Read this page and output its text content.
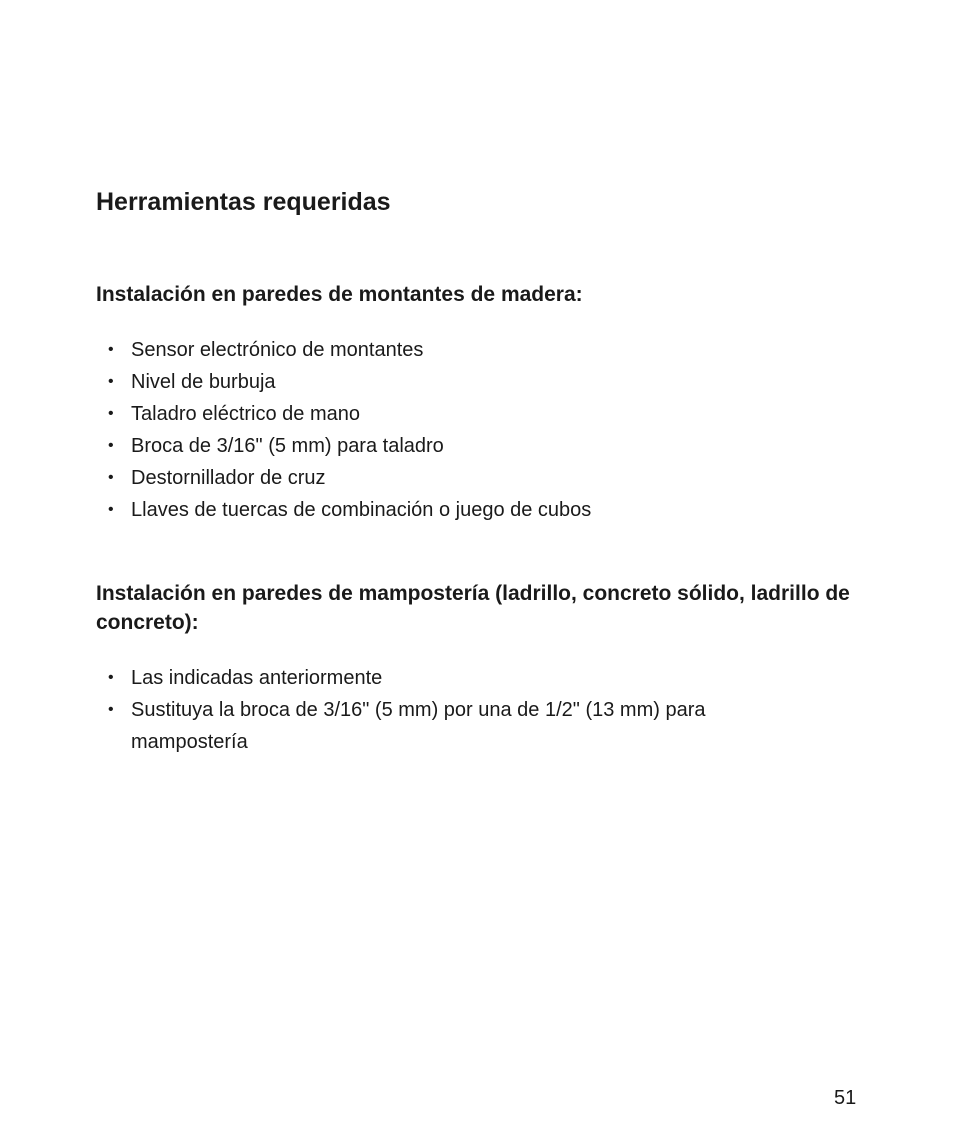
Herramientas requeridas
Instalación en paredes de montantes de madera:
• Sensor electrónico de montantes
• Nivel de burbuja
• Taladro eléctrico de mano
• Broca de 3/16" (5 mm) para taladro
• Destornillador de cruz
• Llaves de tuercas de combinación o juego de cubos
Instalación en paredes de mampostería (ladrillo, concreto sólido, ladrillo de concreto):
• Las indicadas anteriormente
• Sustituya la broca de 3/16" (5 mm) por una de 1/2" (13 mm) para mampostería
51
